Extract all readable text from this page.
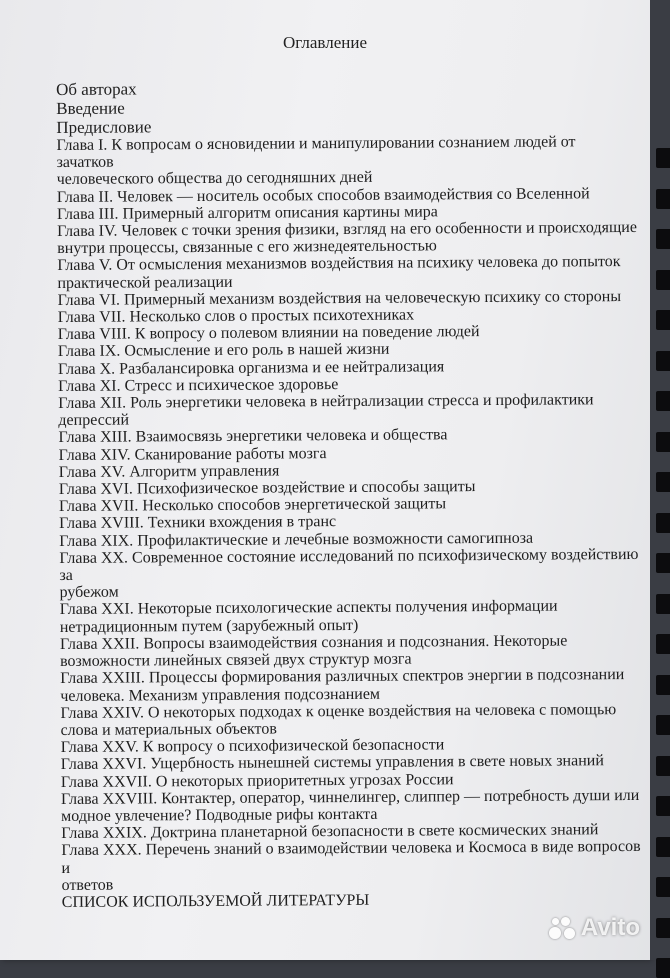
Оглавление
Об авторах
Введение
Предисловие
Глава I. К вопросам о ясновидении и манипулировании сознанием людей от зачатков
человеческого общества до сегодняшних дней
Глава II. Человек — носитель особых способов взаимодействия со Вселенной
Глава III. Примерный алгоритм описания картины мира
Глава IV. Человек с точки зрения физики, взгляд на его особенности и происходящие
внутри процессы, связанные с его жизнедеятельностью
Глава V. От осмысления механизмов воздействия на психику человека до попыток
практической реализации
Глава VI. Примерный механизм воздействия на человеческую психику со стороны
Глава VII. Несколько слов о простых психотехниках
Глава VIII. К вопросу о полевом влиянии на поведение людей
Глава IX. Осмысление и его роль в нашей жизни
Глава X. Разбалансировка организма и ее нейтрализация
Глава XI. Стресс и психическое здоровье
Глава XII. Роль энергетики человека в нейтрализации стресса и профилактики
депрессий
Глава XIII. Взаимосвязь энергетики человека и общества
Глава XIV. Сканирование работы мозга
Глава XV. Алгоритм управления
Глава XVI. Психофизическое воздействие и способы защиты
Глава XVII. Несколько способов энергетической защиты
Глава XVIII. Техники вхождения в транс
Глава XIX. Профилактические и лечебные возможности самогипноза
Глава XX. Современное состояние исследований по психофизическому воздействию за
рубежом
Глава XXI. Некоторые психологические аспекты получения информации
нетрадиционным путем (зарубежный опыт)
Глава XXII. Вопросы взаимодействия сознания и подсознания. Некоторые
возможности линейных связей двух структур мозга
Глава XXIII. Процессы формирования различных спектров энергии в подсознании
человека. Механизм управления подсознанием
Глава XXIV. О некоторых подходах к оценке воздействия на человека с помощью
слова и материальных объектов
Глава XXV. К вопросу о психофизической безопасности
Глава XXVI. Ущербность нынешней системы управления в свете новых знаний
Глава XXVII. О некоторых приоритетных угрозах России
Глава XXVIII. Контактер, оператор, чиннелингер, слиппер — потребность души или
модное увлечение? Подводные рифы контакта
Глава XXIX. Доктрина планетарной безопасности в свете космических знаний
Глава XXX. Перечень знаний о взаимодействии человека и Космоса в виде вопросов и
ответов
СПИСОК ИСПОЛЬЗУЕМОЙ ЛИТЕРАТУРЫ
Avito
